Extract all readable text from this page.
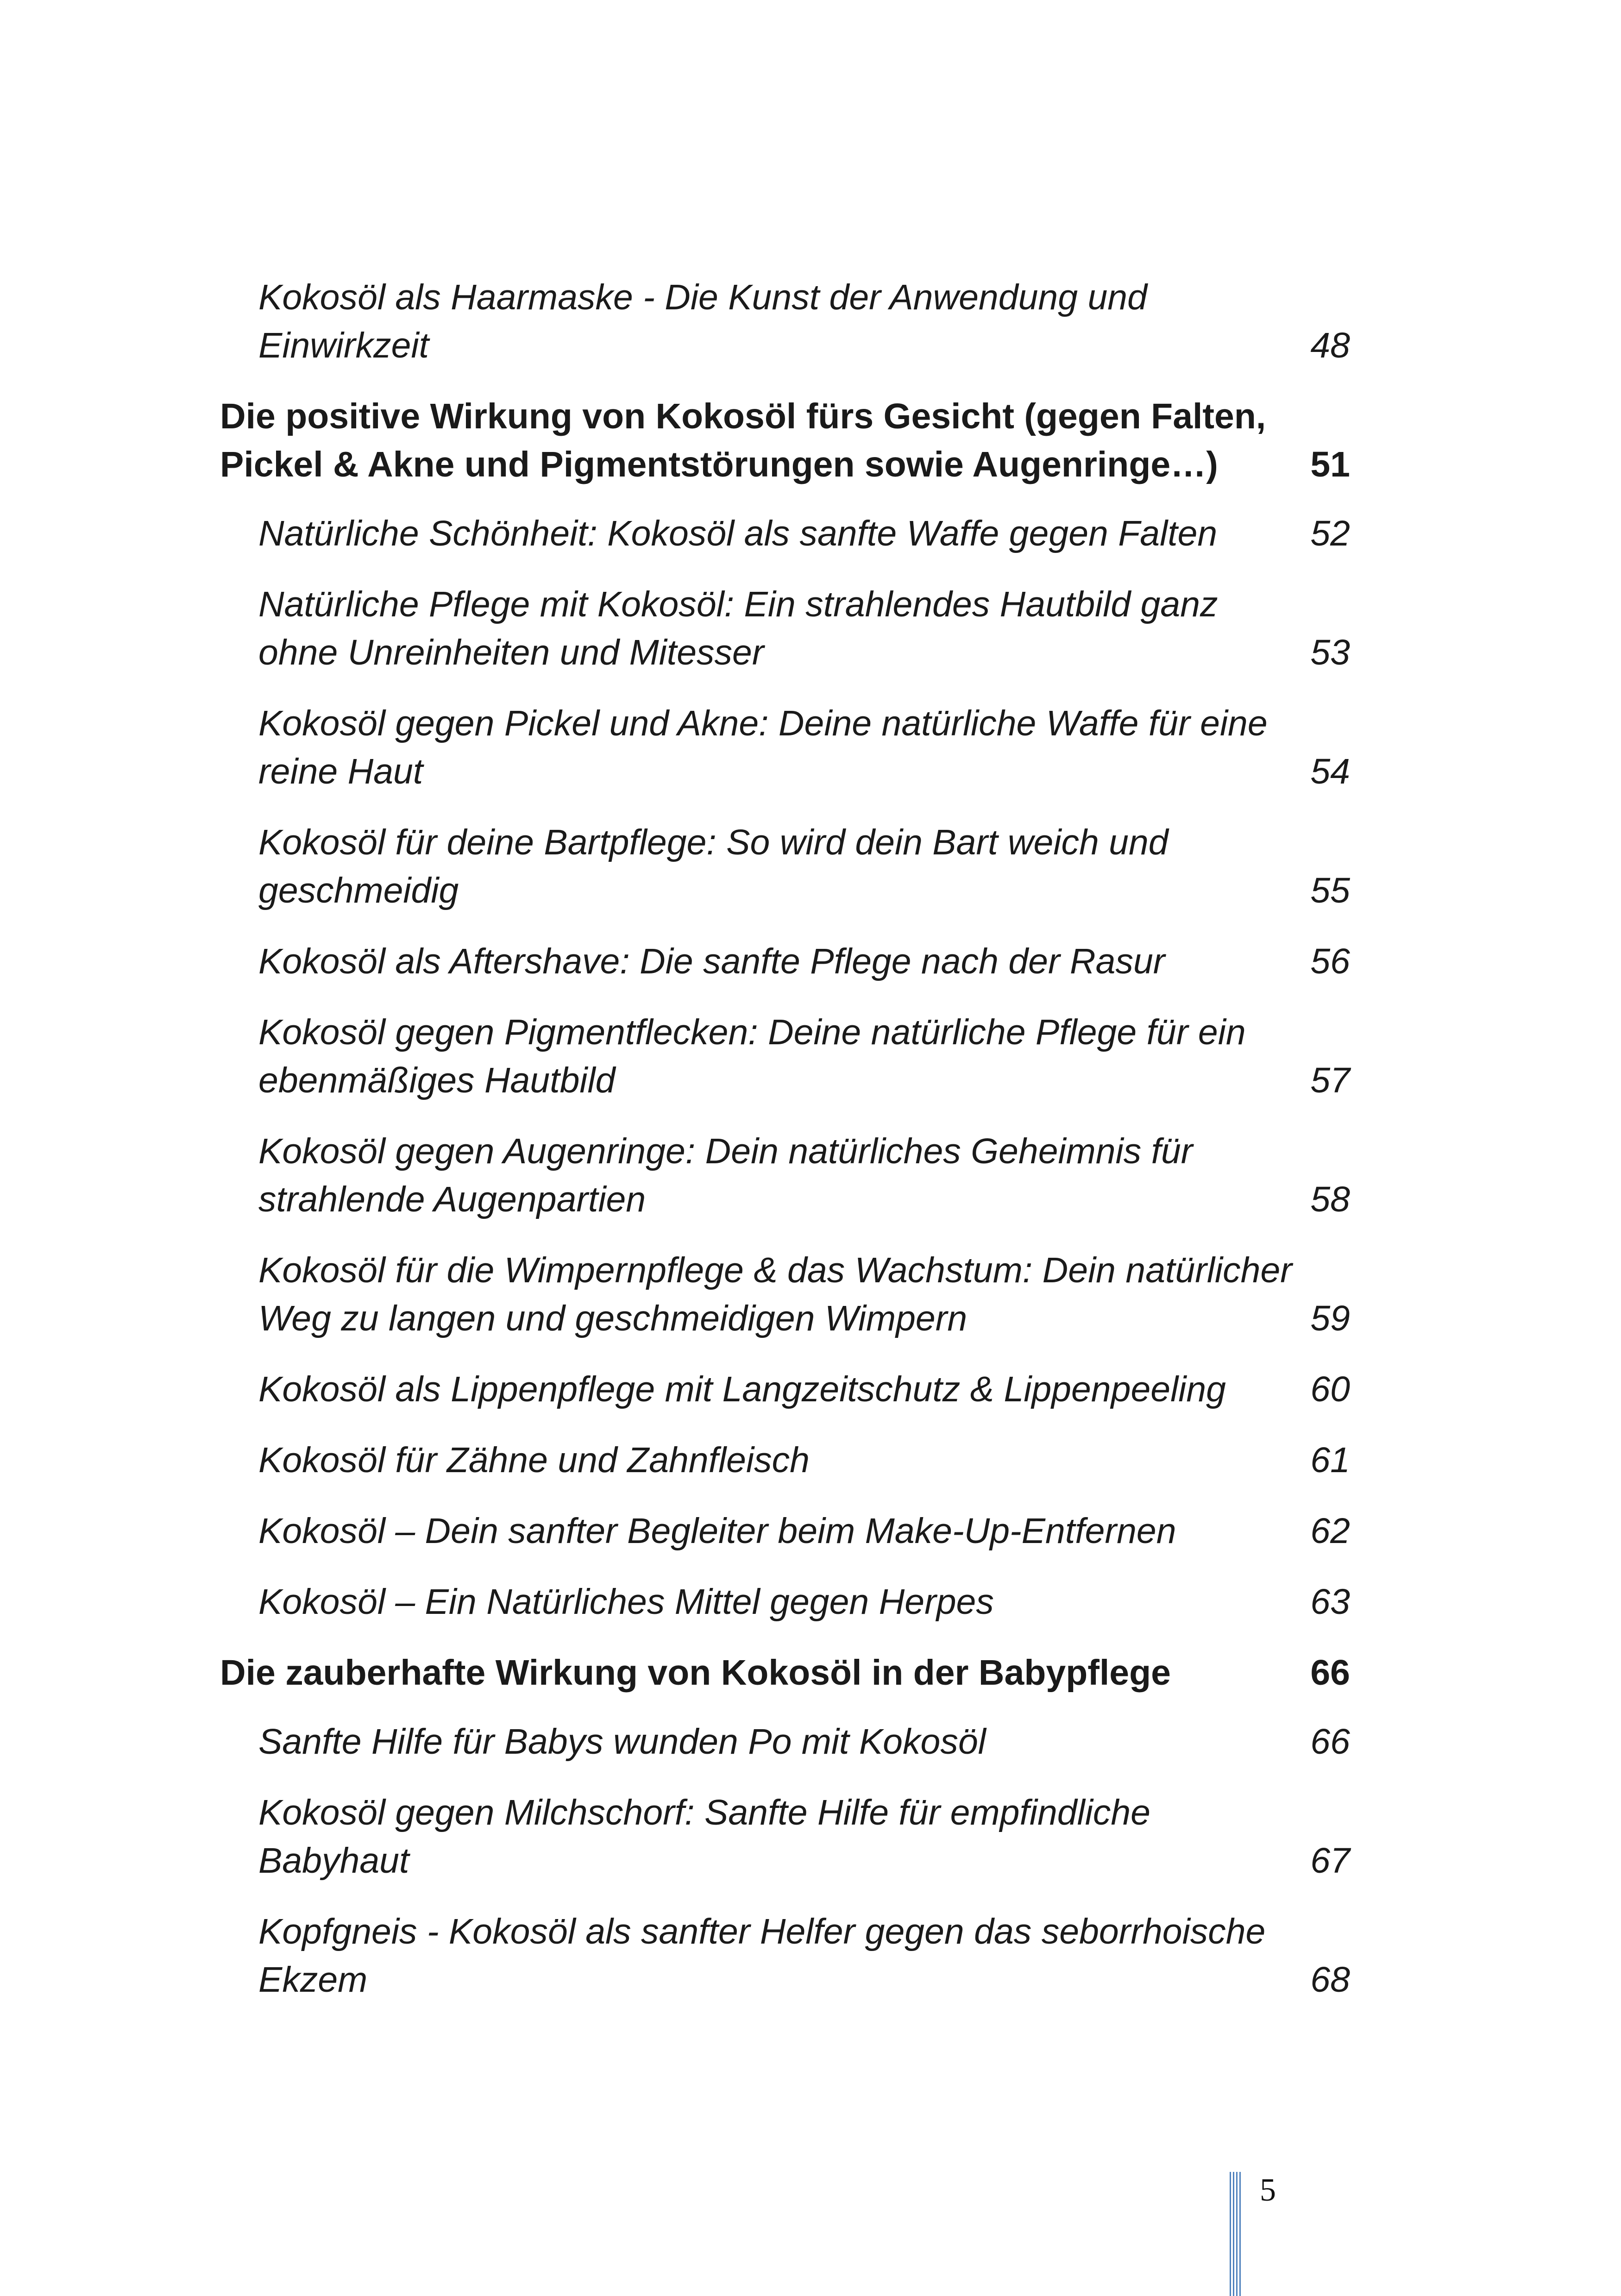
Kokosöl als Haarmaske - Die Kunst der Anwendung und Einwirkzeit	48
Die positive Wirkung von Kokosöl fürs Gesicht (gegen Falten, Pickel & Akne und Pigmentstörungen sowie Augenringe…)	51
Natürliche Schönheit: Kokosöl als sanfte Waffe gegen Falten	52
Natürliche Pflege mit Kokosöl: Ein strahlendes Hautbild ganz ohne Unreinheiten und Mitesser	53
Kokosöl gegen Pickel und Akne: Deine natürliche Waffe für eine reine Haut	54
Kokosöl für deine Bartpflege: So wird dein Bart weich und geschmeidig	55
Kokosöl als Aftershave: Die sanfte Pflege nach der Rasur	56
Kokosöl gegen Pigmentflecken: Deine natürliche Pflege für ein ebenmäßiges Hautbild	57
Kokosöl gegen Augenringe: Dein natürliches Geheimnis für strahlende Augenpartien	58
Kokosöl für die Wimpernpflege & das Wachstum: Dein natürlicher Weg zu langen und geschmeidigen Wimpern	59
Kokosöl als Lippenpflege mit Langzeitschutz & Lippenpeeling	60
Kokosöl für Zähne und Zahnfleisch	61
Kokosöl – Dein sanfter Begleiter beim Make-Up-Entfernen	62
Kokosöl – Ein Natürliches Mittel gegen Herpes	63
Die zauberhafte Wirkung von Kokosöl in der Babypflege	66
Sanfte Hilfe für Babys wunden Po mit Kokosöl	66
Kokosöl gegen Milchschorf: Sanfte Hilfe für empfindliche Babyhaut	67
Kopfgneis - Kokosöl als sanfter Helfer gegen das seborrhoische Ekzem	68
5
